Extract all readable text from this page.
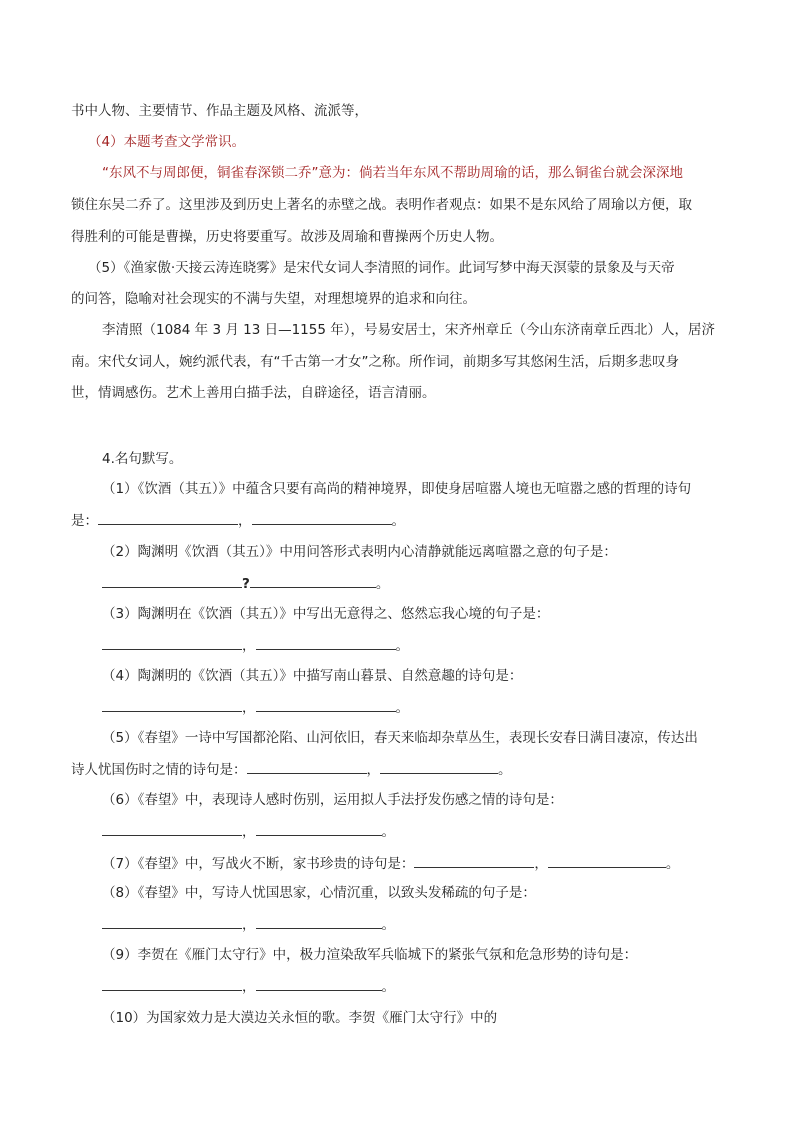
书中人物、主要情节、作品主题及风格、流派等，
（4）本题考查文学常识。
“东风不与周郎便，铜雀春深锁二乔”意为：倘若当年东风不帮助周瑜的话，那么铜雀台就会深深地
锁住东吴二乔了。这里涉及到历史上著名的赤壁之战。表明作者观点：如果不是东风给了周瑜以方便，取
得胜利的可能是曹操，历史将要重写。故涉及周瑜和曹操两个历史人物。
（5）《渔家傲·天接云涛连晓雾》是宋代女词人李清照的词作。此词写梦中海天溟蒙的景象及与天帝
的问答，隐喻对社会现实的不满与失望，对理想境界的追求和向往。
李清照（1084 年 3 月 13 日—1155 年），号易安居士，宋齐州章丘（今山东济南章丘西北）人，居济
南。宋代女词人，婉约派代表，有“千古第一才女”之称。所作词，前期多写其悠闲生活，后期多悲叹身
世，情调感伤。艺术上善用白描手法，自辟途径，语言清丽。
4.名句默写。
（1）《饮酒（其五）》中蕴含只要有高尚的精神境界，即使身居喧嚣人境也无喧嚣之感的哲理的诗句
是：	，	。
（2）陶渊明《饮酒（其五）》中用问答形式表明内心清静就能远离喧嚣之意的句子是：
?	。
（3）陶渊明在《饮酒（其五）》中写出无意得之、悠然忘我心境的句子是：
，	。
（4）陶渊明的《饮酒（其五）》中描写南山暮景、自然意趣的诗句是：
，	。
（5）《春望》一诗中写国都沦陷、山河依旧，春天来临却杂草丛生，表现长安春日满目凄凉，传达出
诗人忧国伤时之情的诗句是：	，	。
（6）《春望》中，表现诗人感时伤别，运用拟人手法抒发伤感之情的诗句是：
，	。
（7）《春望》中，写战火不断，家书珍贵的诗句是：	，	。
（8）《春望》中，写诗人忧国思家，心情沉重，以致头发稀疏的句子是：
，	。
（9）李贺在《雁门太守行》中，极力渲染敌军兵临城下的紧张气氛和危急形势的诗句是：
，	。
（10）为国家效力是大漠边关永恒的歌。李贺《雁门太守行》中的
